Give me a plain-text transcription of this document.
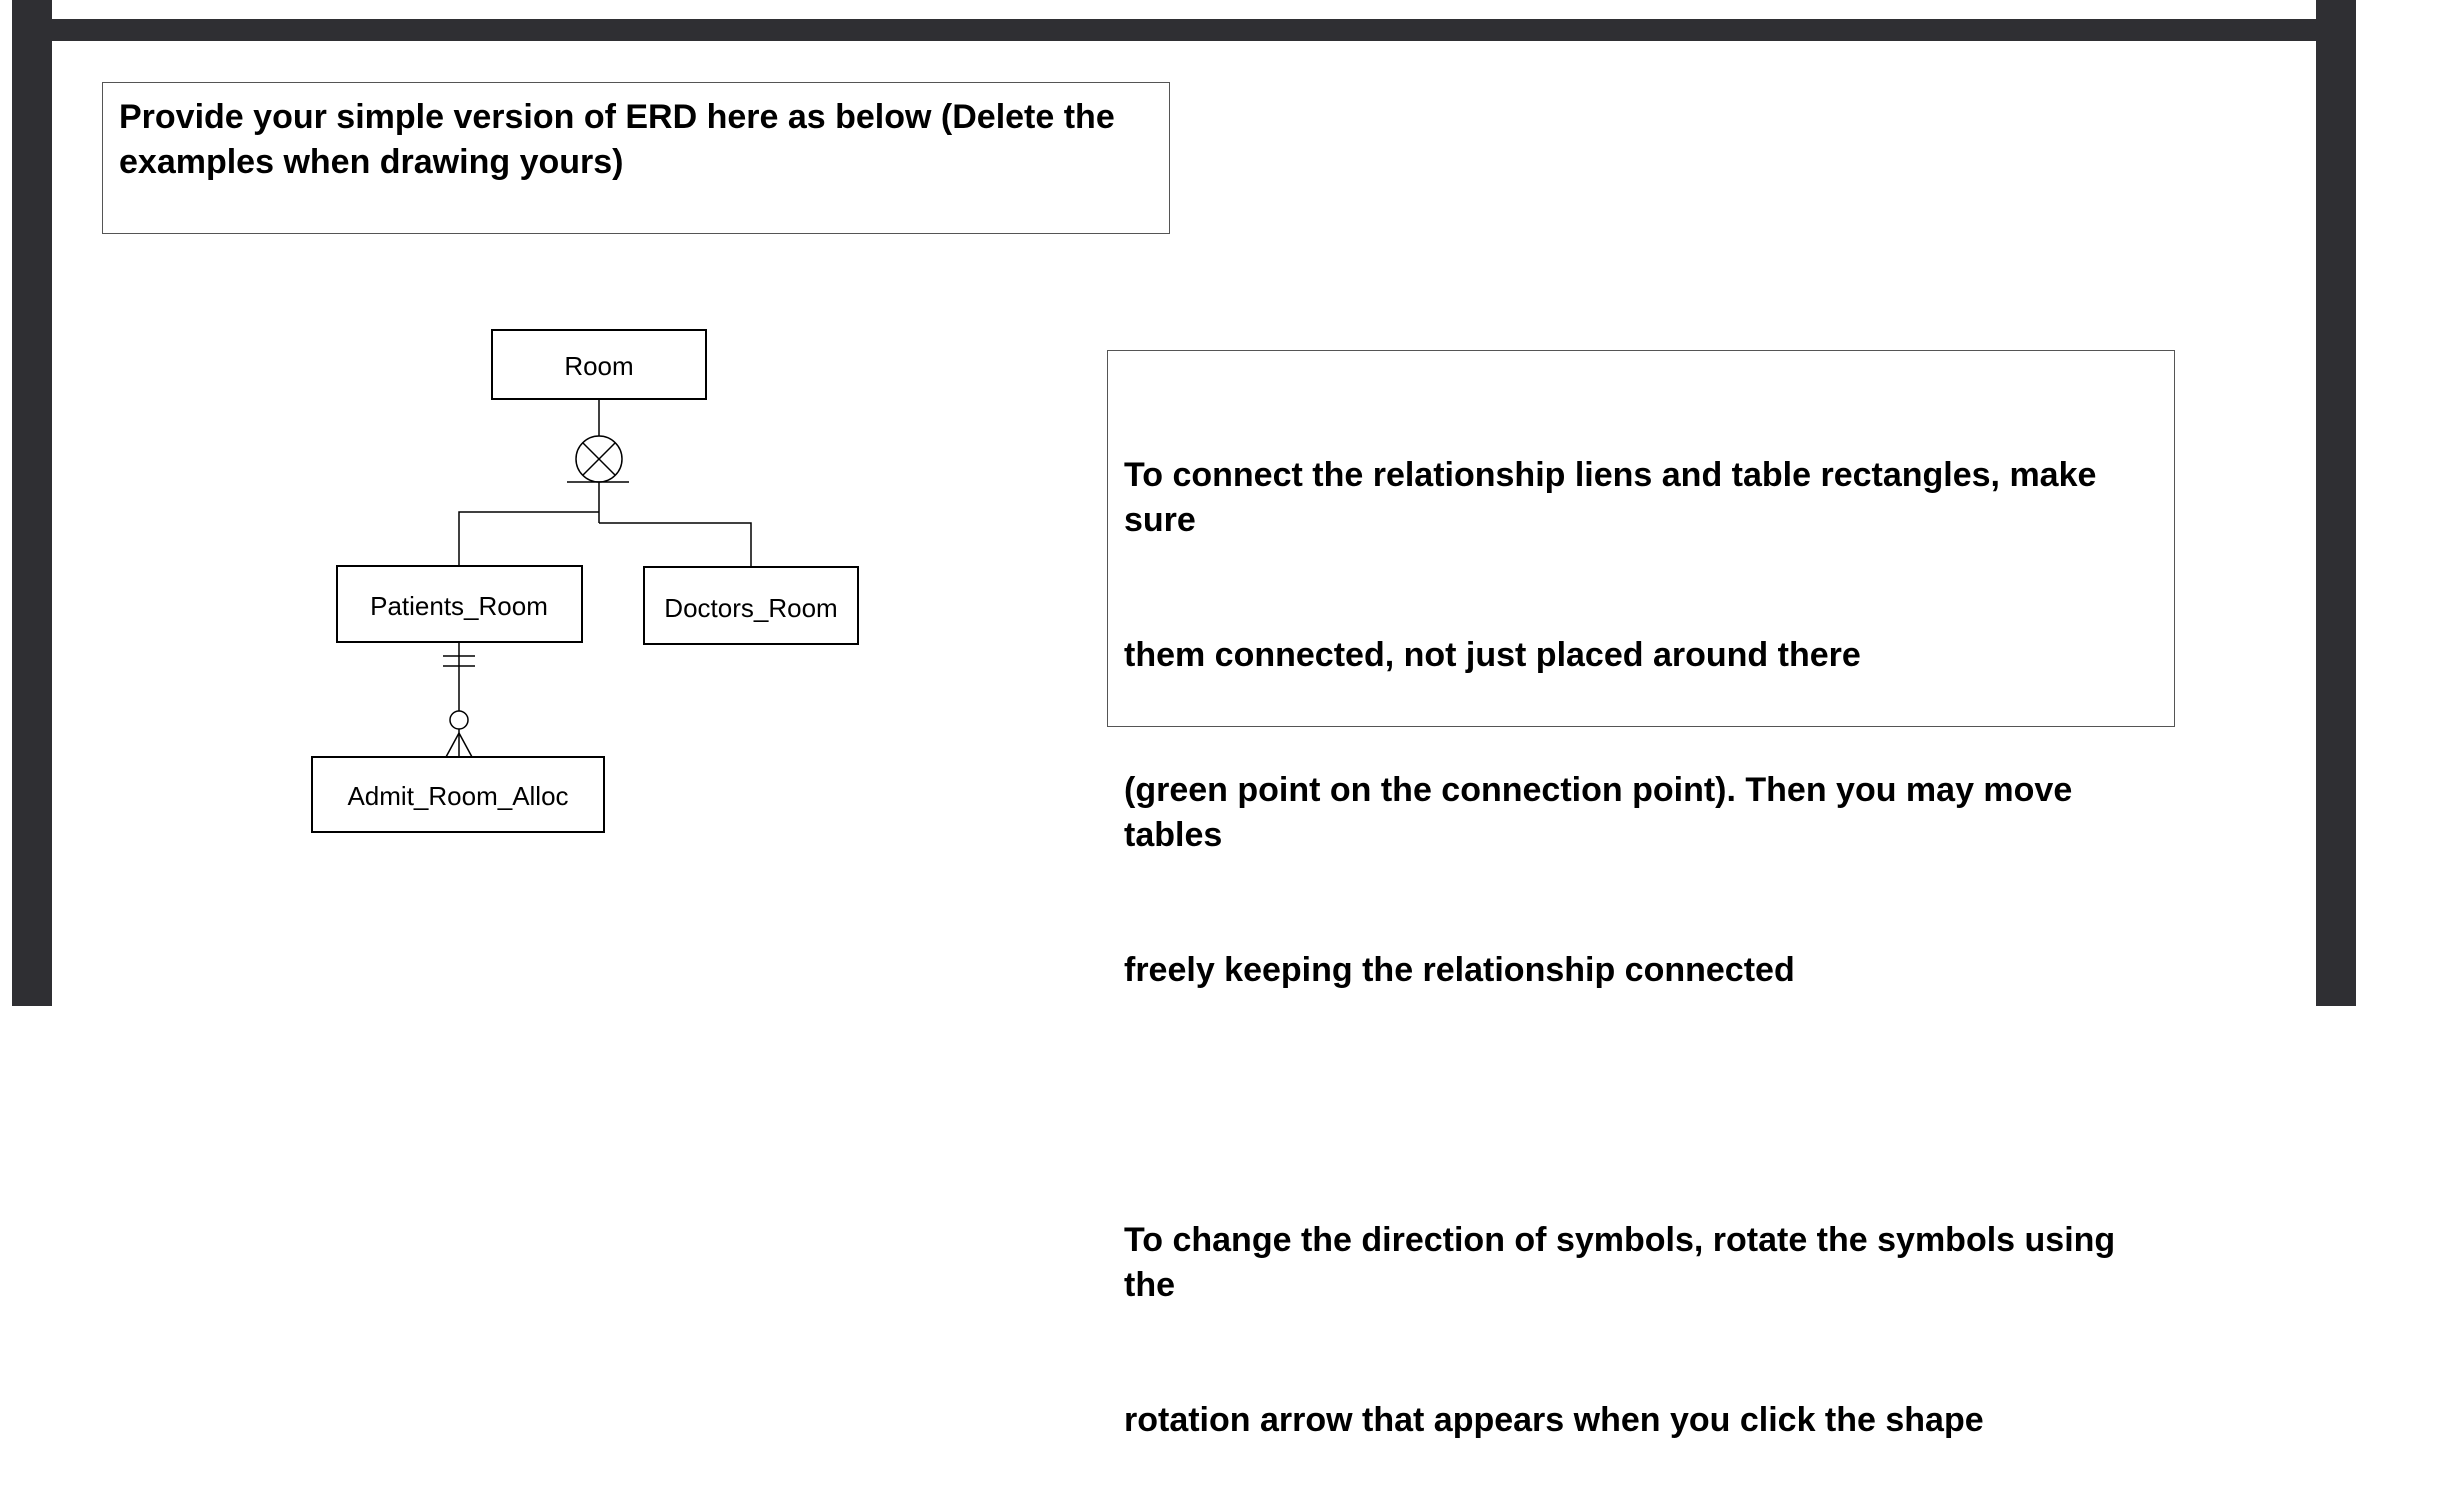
Provide your simple version of ERD here as below (Delete the examples when drawing yours)

To connect the relationship liens and table rectangles, make sure

them connected, not just placed around there

(green point on the connection point). Then you may move tables

freely keeping the relationship connected

To change the direction of symbols, rotate the symbols using the

rotation arrow that appears when you click the shape

Room
Patients_Room	Doctors_Room
Admit_Room_Alloc
